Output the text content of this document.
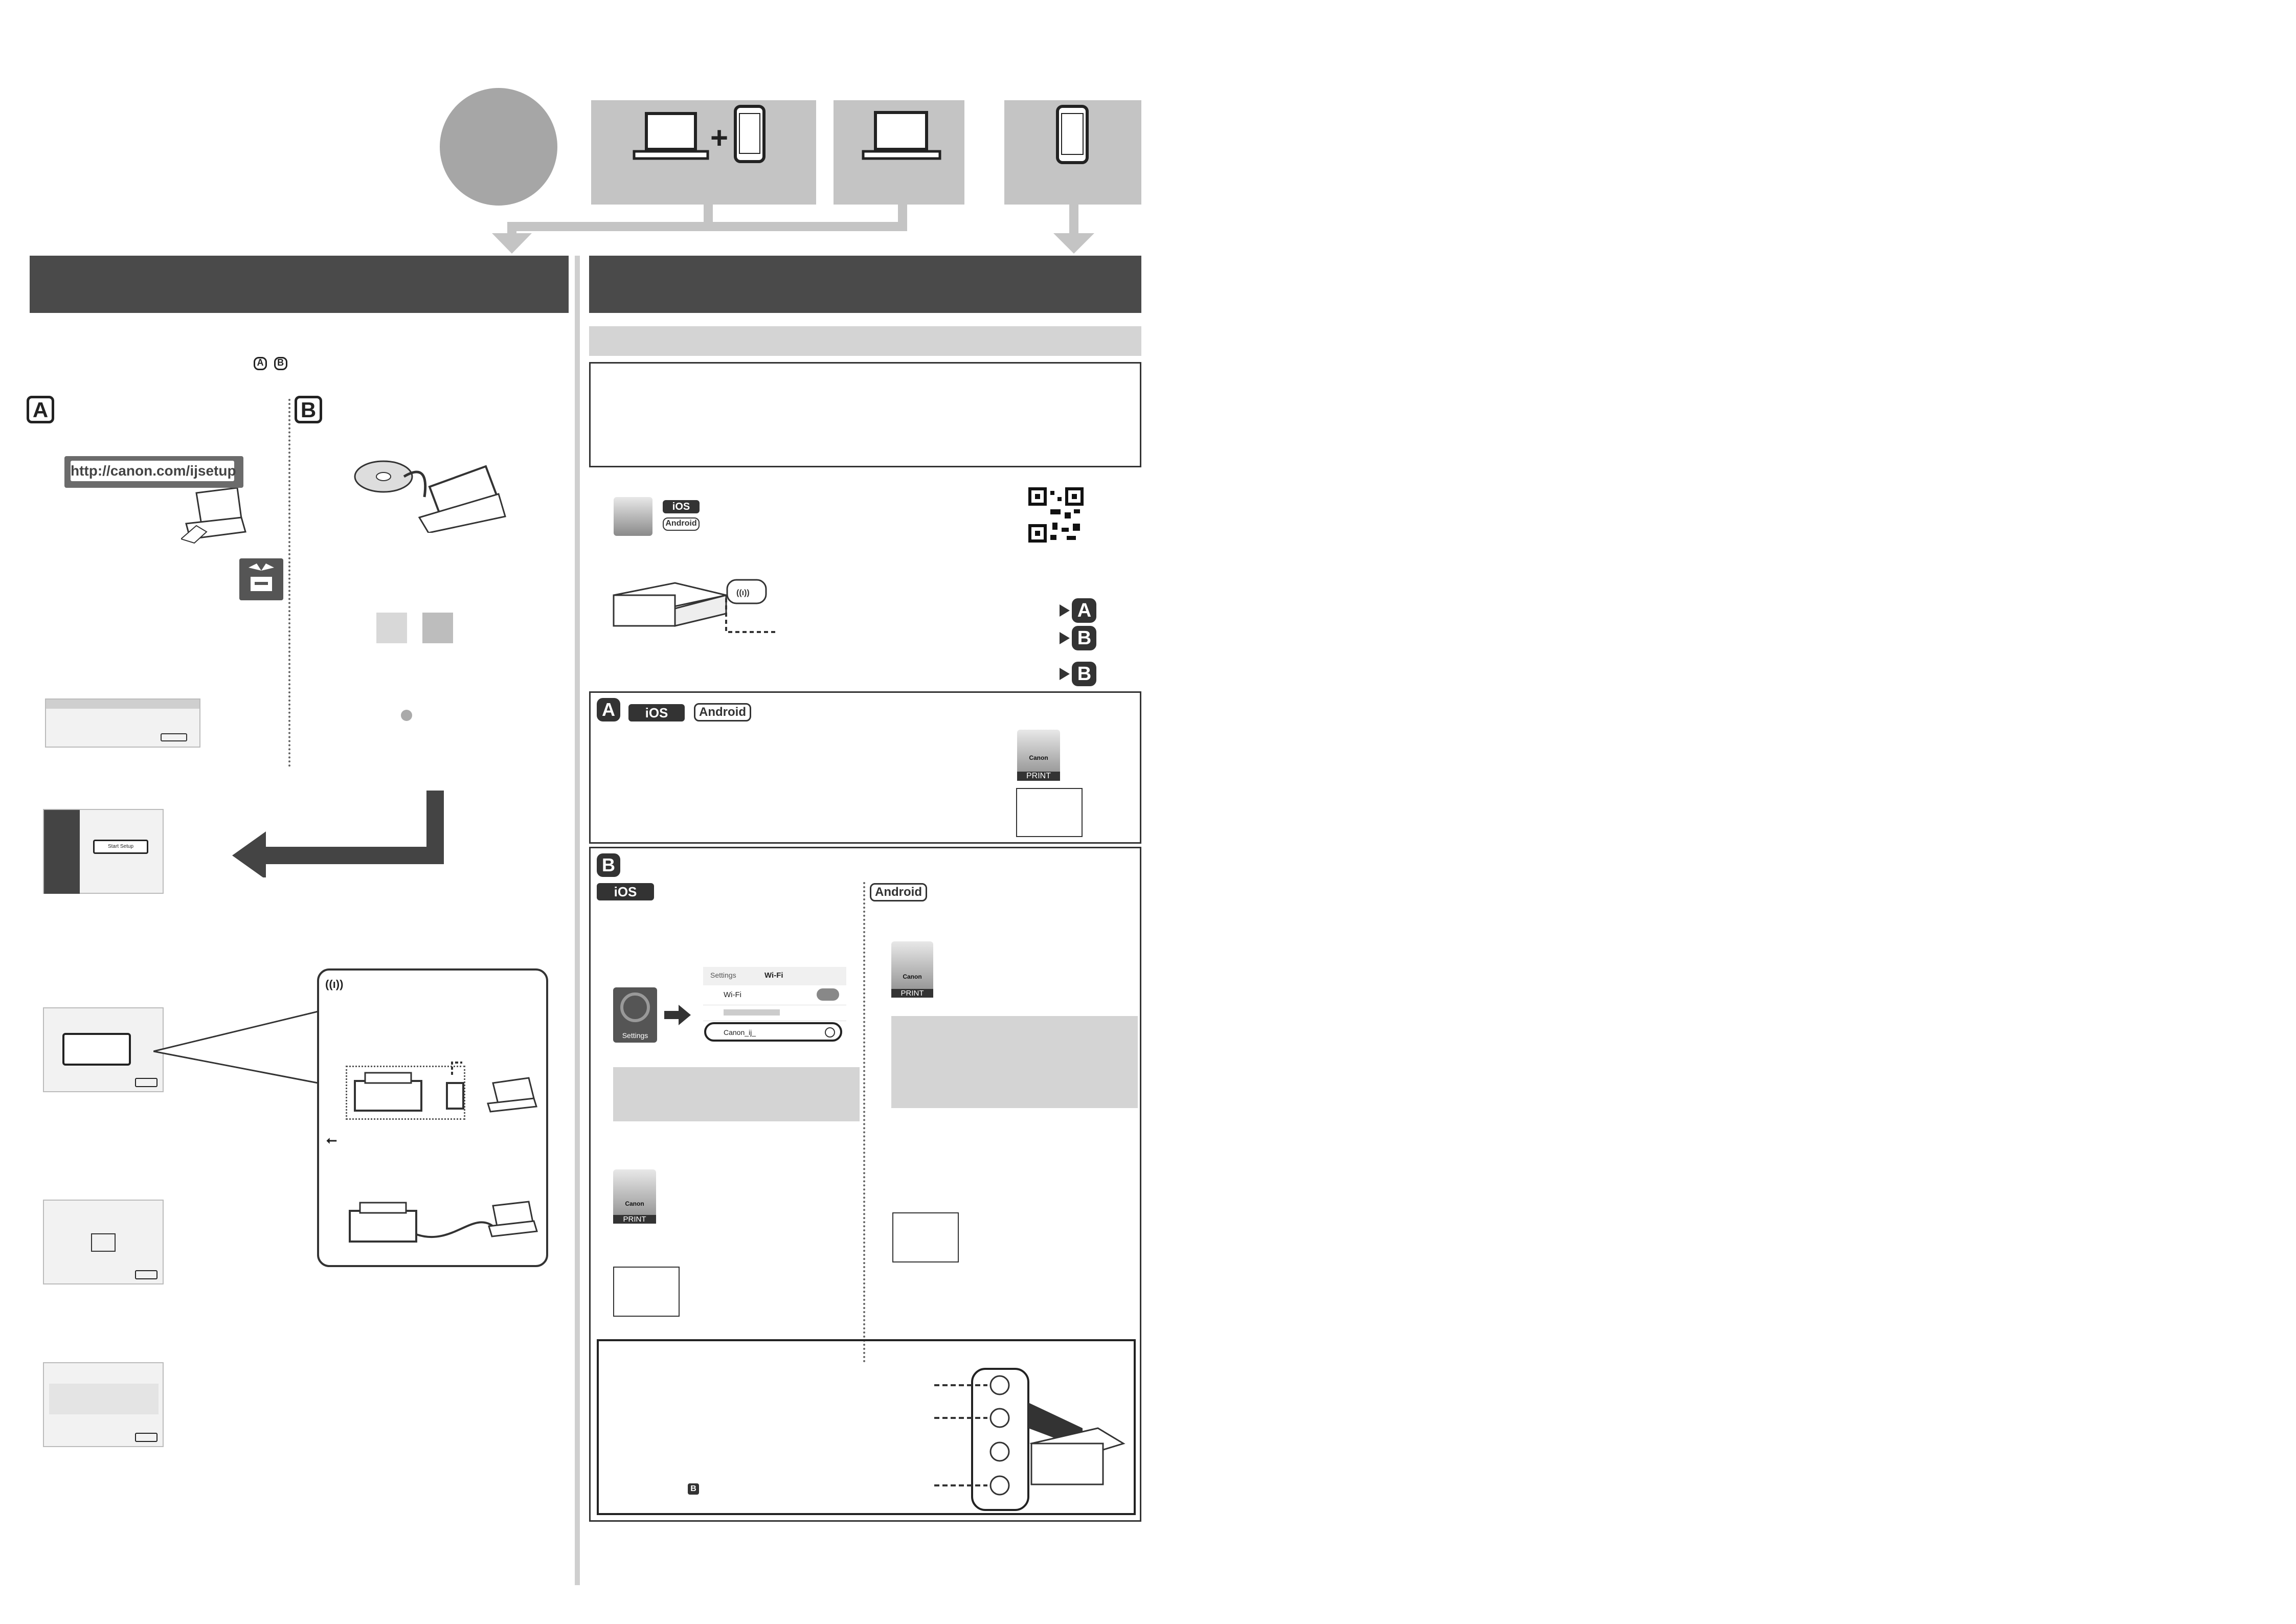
+
A B
A	B
http://canon.com/ijsetup
Start Setup
((ı))
⭠
iOS
Android
((ı))
A
B
B
A	iOS	Android
Canon
PRINT
B
iOS	Android
Settings
Settings	Wi-Fi
Wi-Fi
Canon_ij_
Canon
PRINT
Canon
PRINT
B
